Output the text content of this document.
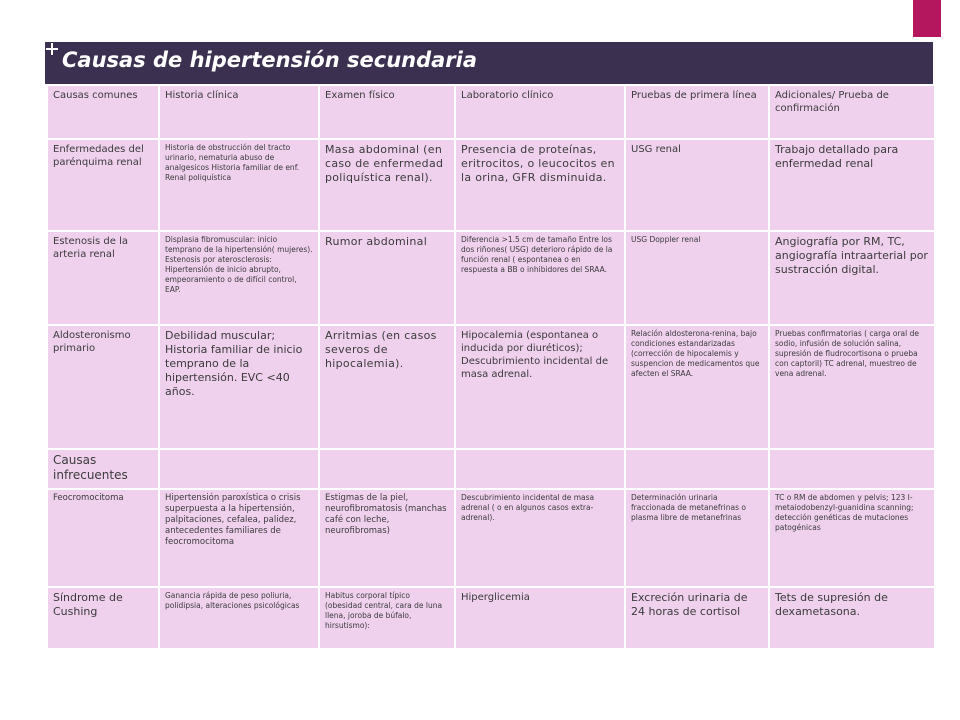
Causas de hipertensión secundaria
Causas comunes	Historia clínica	Examen físico	Laboratorio clínico	Pruebas de primera línea	Adicionales/ Prueba de confirmación
Enfermedades del parénquima renal	Historia de obstrucción del tracto urinario, nematuria abuso de analgesicos Historia familiar de enf. Renal poliquística	Masa abdominal (en caso de enfermedad poliquística renal).	Presencia de proteínas, eritrocitos, o leucocitos en la orina, GFR disminuida.	USG renal	Trabajo detallado para enfermedad renal
Estenosis de la arteria renal	Displasia fibromuscular: inicio temprano de la hipertensión( mujeres). Estenosis por aterosclerosis: Hipertensión de inicio abrupto, empeoramiento o de difícil control, EAP.	Rumor abdominal	Diferencia >1.5 cm de tamaño Entre los dos riñones( USG) deterioro rápido de la función renal ( espontanea o en respuesta a BB o inhibidores del SRAA.	USG Doppler renal	Angiografía por RM, TC, angiografía intraarterial por sustracción digital.
Aldosteronismo primario	Debilidad muscular; Historia familiar de inicio temprano de la hipertensión. EVC <40 años.	Arritmias (en casos severos de hipocalemia).	Hipocalemia (espontanea o inducida por diuréticos); Descubrimiento incidental de masa adrenal.	Relación aldosterona-renina, bajo condiciones estandarizadas (corrección de hipocalemis y suspencion de medicamentos que afecten el SRAA.	Pruebas confirmatorias ( carga oral de sodio, infusión de solución salina, supresión de fludrocortisona o prueba con captoril) TC adrenal, muestreo de vena adrenal.
Causas infrecuentes					
Feocromocitoma	Hipertensión paroxística o crisis superpuesta a la hipertensión, palpitaciones, cefalea, palidez, antecedentes familiares de feocromocitoma	Estigmas de la piel, neurofibromatosis (manchas café con leche, neurofibromas)	Descubrimiento incidental de masa adrenal ( o en algunos casos extra-adrenal).	Determinación urinaria fraccionada de metanefrinas o plasma libre de metanefrinas	TC o RM de abdomen y pelvis; 123 I- metaiodobenzyl-guanidina scanning; detección genéticas de mutaciones patogénicas
Síndrome de Cushing	Ganancia rápida de peso poliuria, polidipsia, alteraciones psicológicas	Habitus corporal típico (obesidad central, cara de luna llena, joroba de búfalo, hirsutismo):	Hiperglicemia	Excreción urinaria de 24 horas de cortisol	Tets de supresión de dexametasona.
